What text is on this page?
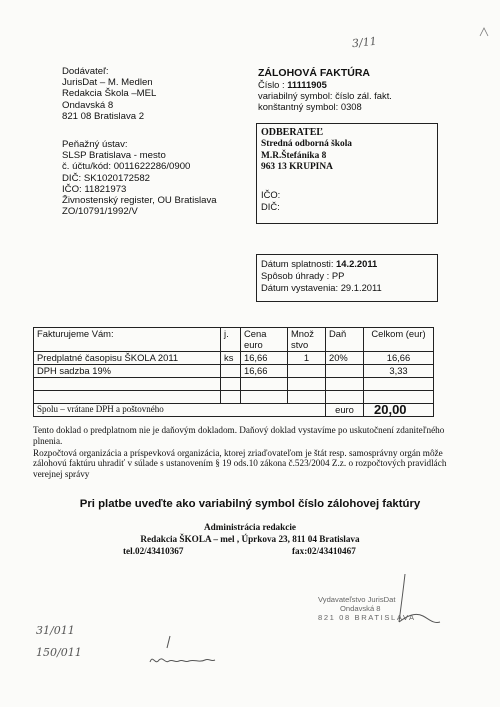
Dodávateľ:
JurisDat – M. Medlen
Redakcia Škola –MEL
Ondavská 8
821 08 Bratislava 2
Peňažný ústav:
SLSP Bratislava - mesto
č. účtu/kód: 0011622286/0900
DIČ: SK1020172582
IČO: 11821973
Živnostenský register, OU Bratislava
ZO/10791/1992/V
ZÁLOHOVÁ FAKTÚRA
Číslo : 11111905
variabilný symbol: číslo zál. fakt.
konštantný symbol: 0308
ODBERATEĽ
Stredná odborná škola
M.R.Štefánika 8
963 13 KRUPINA
IČO:
DIČ:
Dátum splatnosti: 14.2.2011
Spôsob úhrady : PP
Dátum vystavenia: 29.1.2011
Fakturujeme Vám:	j.	Cena euro	Množ stvo	Daň	Celkom (eur)
Predplatné časopisu ŠKOLA 2011	ks	16,66	1	20%	16,66
DPH sadzba 19%		16,66			3,33

Spolu – vrátane DPH a poštovného				euro	20,00

Tento doklad o predplatnom nie je daňovým dokladom. Daňový doklad vystavíme po uskutočnení zdaniteľného plnenia.

Rozpočtová organizácia a príspevková organizácia, ktorej zriaďovateľom je štát resp. samosprávny orgán môže zálohovú faktúru uhradiť v súlade s ustanovením § 19 ods.10 zákona č.523/2004 Z.z. o rozpočtových pravidlách verejnej správy

Pri platbe uveďte ako variabilný symbol číslo zálohovej faktúry
Administrácia redakcie
Redakcia ŠKOLA – mel , Úprkova 23, 811 04 Bratislava
tel.02/43410367	fax:02/43410467
Vydavateľstvo JurisDat
Ondavská 8
821 08 BRATISLAVA
3/11
31/011
150/011
